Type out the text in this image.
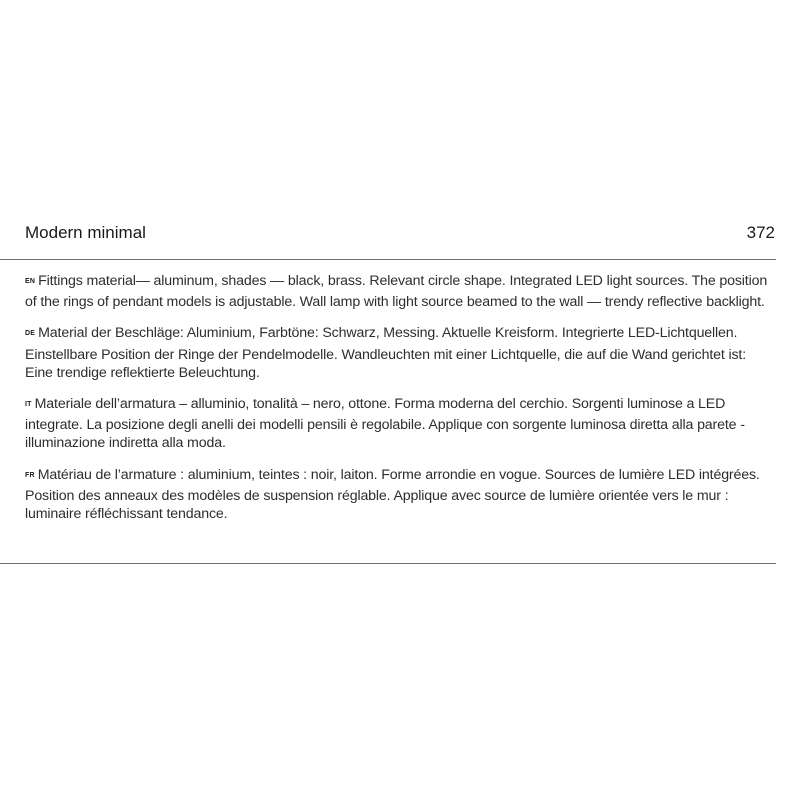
Modern minimal	372

EN Fittings material— aluminum, shades — black, brass. Relevant circle shape. Integrated LED light sources. The position of the rings of pendant models is adjustable. Wall lamp with light source beamed to the wall — trendy reflective backlight.

DE Material der Beschläge: Aluminium, Farbtöne: Schwarz, Messing. Aktuelle Kreisform. Integrierte LED-Lichtquellen. Einstellbare Position der Ringe der Pendelmodelle. Wandleuchten mit einer Lichtquelle, die auf die Wand gerichtet ist: Eine trendige reflektierte Beleuchtung.

IT Materiale dell’armatura – alluminio, tonalità – nero, ottone. Forma moderna del cerchio. Sorgenti luminose a LED integrate. La posizione degli anelli dei modelli pensili è regolabile. Applique con sorgente luminosa diretta alla parete - illuminazione indiretta alla moda.

FR Matériau de l’armature : aluminium, teintes : noir, laiton. Forme arrondie en vogue. Sources de lumière LED intégrées. Position des anneaux des modèles de suspension réglable. Applique avec source de lumière orientée vers le mur : luminaire réfléchissant tendance.
